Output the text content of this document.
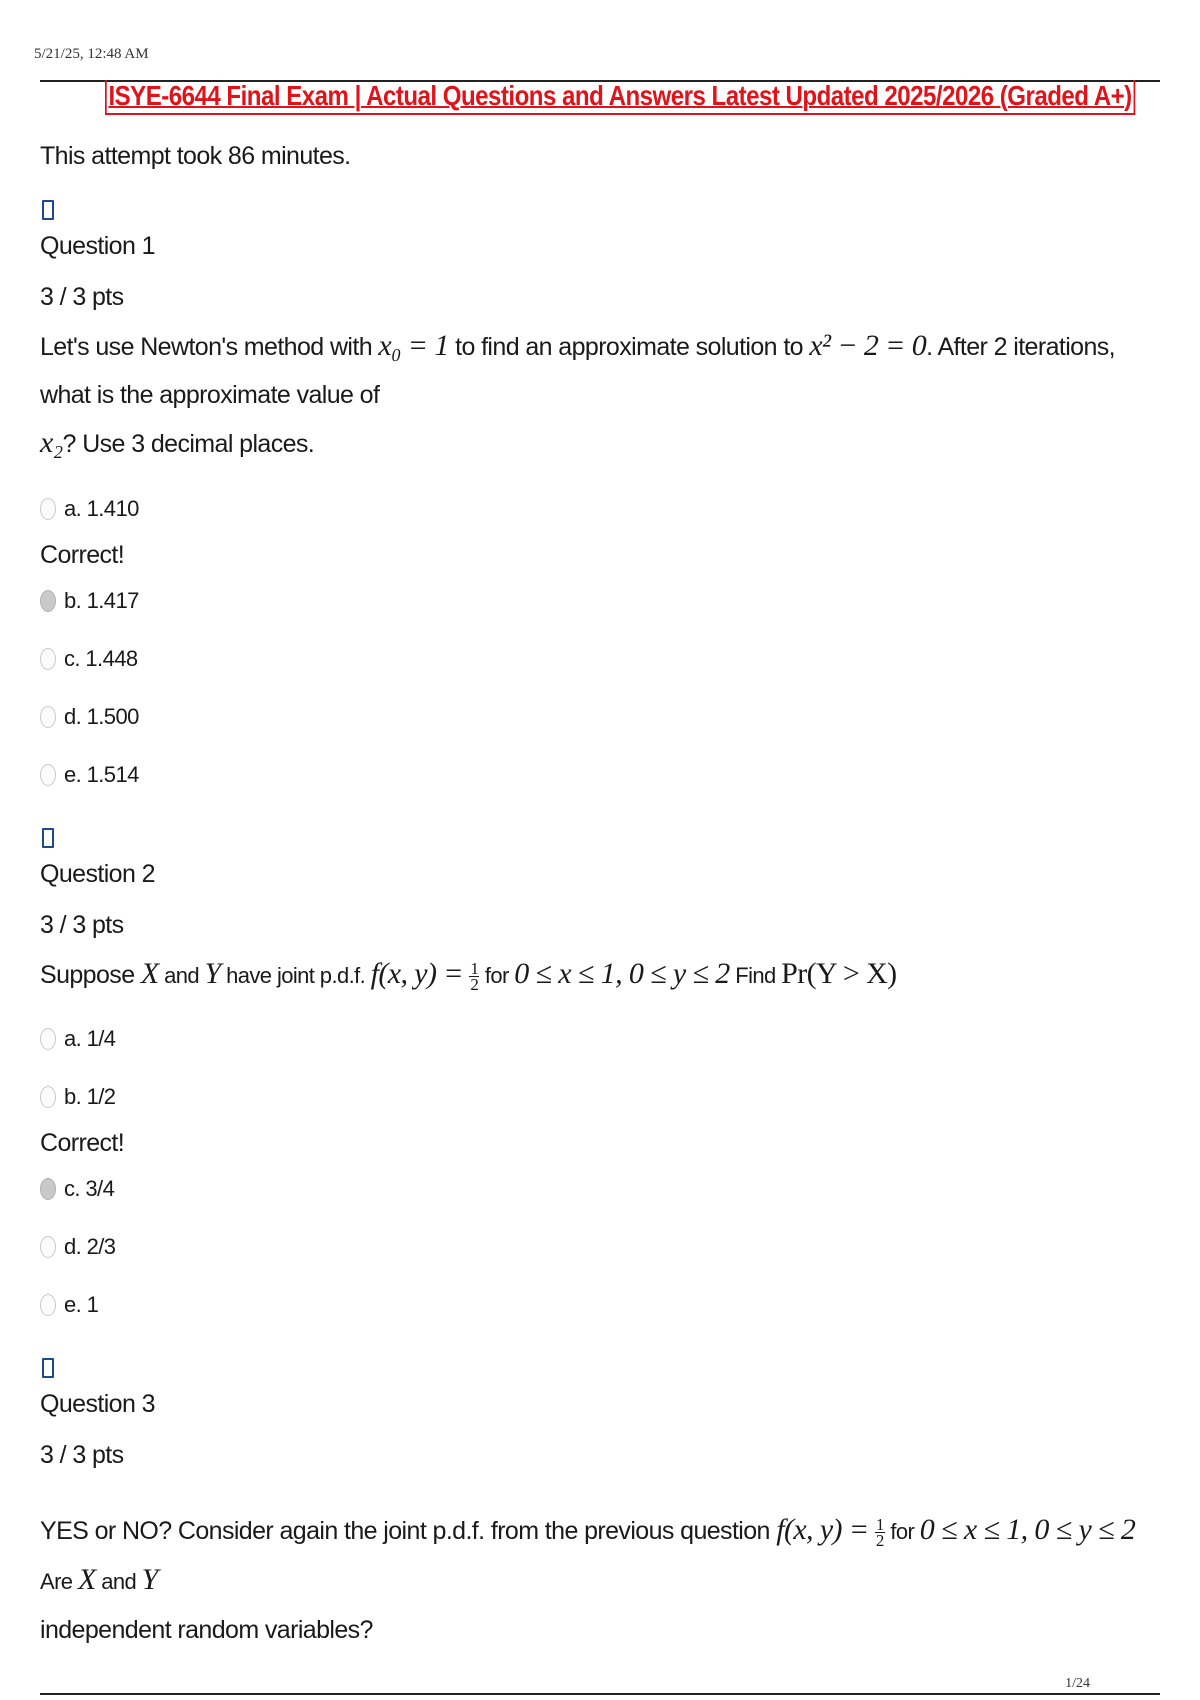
5/21/25, 12:48 AM
ISYE-6644 Final Exam | Actual Questions and Answers Latest Updated 2025/2026 (Graded A+)
This attempt took 86 minutes.
Question 1
3 / 3 pts
Let's use Newton's method with x₀ = 1 to find an approximate solution to x² − 2 = 0. After 2 iterations, what is the approximate value of
x₂? Use 3 decimal places.
a. 1.410
Correct!
b. 1.417
c. 1.448
d. 1.500
e. 1.514
Question 2
3 / 3 pts
Suppose X and Y have joint p.d.f. f(x, $y) = \frac{1}{2}$ for 0 ≤ x ≤ 1, 0 ≤ y ≤ 2 Find Pr(Y > X)
a. 1/4
b. 1/2
Correct!
c. 3/4
d. 2/3
e. 1
Question 3
3 / 3 pts
YES or NO? Consider again the joint p.d.f. from the previous question f(x, $y) = \frac{1}{2}$ for 0 ≤ x ≤ 1, 0 ≤ y ≤ 2 Are X and Y
independent random variables?
1/24
